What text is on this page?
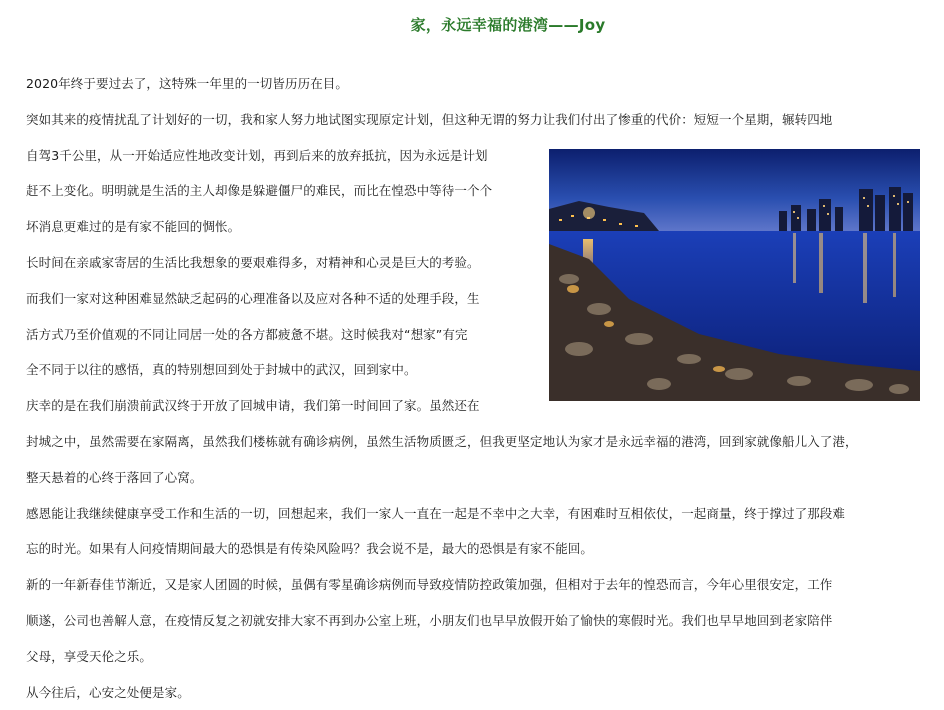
家，永远幸福的港湾——Joy

2020年终于要过去了，这特殊一年里的一切皆历历在目。

突如其来的疫情扰乱了计划好的一切，我和家人努力地试图实现原定计划，但这种无谓的努力让我们付出了惨重的代价：短短一个星期，辗转四地

自驾3千公里，从一开始适应性地改变计划，再到后来的放弃抵抗，因为永远是计划

赶不上变化。明明就是生活的主人却像是躲避僵尸的难民，而比在惶恐中等待一个个

坏消息更难过的是有家不能回的惆怅。

长时间在亲戚家寄居的生活比我想象的要艰难得多，对精神和心灵是巨大的考验。

而我们一家对这种困难显然缺乏起码的心理准备以及应对各种不适的处理手段，生

活方式乃至价值观的不同让同居一处的各方都疲惫不堪。这时候我对“想家”有完

全不同于以往的感悟，真的特别想回到处于封城中的武汉，回到家中。

庆幸的是在我们崩溃前武汉终于开放了回城申请，我们第一时间回了家。虽然还在

封城之中，虽然需要在家隔离，虽然我们楼栋就有确诊病例，虽然生活物质匮乏，但我更坚定地认为家才是永远幸福的港湾，回到家就像船儿入了港，

整天悬着的心终于落回了心窝。

感恩能让我继续健康享受工作和生活的一切，回想起来，我们一家人一直在一起是不幸中之大幸，有困难时互相依仗，一起商量，终于撑过了那段难

忘的时光。如果有人问疫情期间最大的恐惧是有传染风险吗？我会说不是，最大的恐惧是有家不能回。

新的一年新春佳节渐近，又是家人团圆的时候，虽偶有零星确诊病例而导致疫情防控政策加强，但相对于去年的惶恐而言，今年心里很安定，工作

顺遂，公司也善解人意，在疫情反复之初就安排大家不再到办公室上班，小朋友们也早早放假开始了愉快的寒假时光。我们也早早地回到老家陪伴

父母，享受天伦之乐。

从今往后，心安之处便是家。
